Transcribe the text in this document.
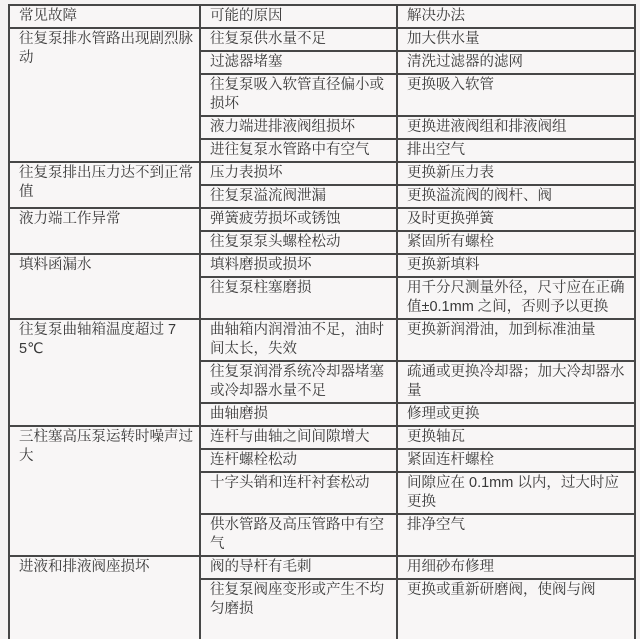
常见故障	可能的原因	解决办法
往复泵排水管路出现剧烈脉动	往复泵供水量不足	加大供水量
	过滤器堵塞	清洗过滤器的滤网
	往复泵吸入软管直径偏小或损坏	更换吸入软管
	液力端进排液阀组损坏	更换进液阀组和排液阀组
	进往复泵水管路中有空气	排出空气
往复泵排出压力达不到正常值	压力表损坏	更换新压力表
	往复泵溢流阀泄漏	更换溢流阀的阀杆、阀
液力端工作异常	弹簧疲劳损坏或锈蚀	及时更换弹簧
	往复泵泵头螺栓松动	紧固所有螺栓
填料函漏水	填料磨损或损坏	更换新填料
	往复泵柱塞磨损	用千分尺测量外径，尺寸应在正确值±0.1mm 之间，否则予以更换
往复泵曲轴箱温度超过 75℃	曲轴箱内润滑油不足，油时间太长，失效	更换新润滑油，加到标准油量
	往复泵润滑系统冷却器堵塞或冷却器水量不足	疏通或更换冷却器；加大冷却器水量
	曲轴磨损	修理或更换
三柱塞高压泵运转时噪声过大	连杆与曲轴之间间隙增大	更换轴瓦
	连杆螺栓松动	紧固连杆螺栓
	十字头销和连杆衬套松动	间隙应在 0.1mm 以内，过大时应更换
	供水管路及高压管路中有空气	排净空气
进液和排液阀座损坏	阀的导杆有毛刺	用细砂布修理
	往复泵阀座变形或产生不均匀磨损	更换或重新研磨阀，使阀与阀
